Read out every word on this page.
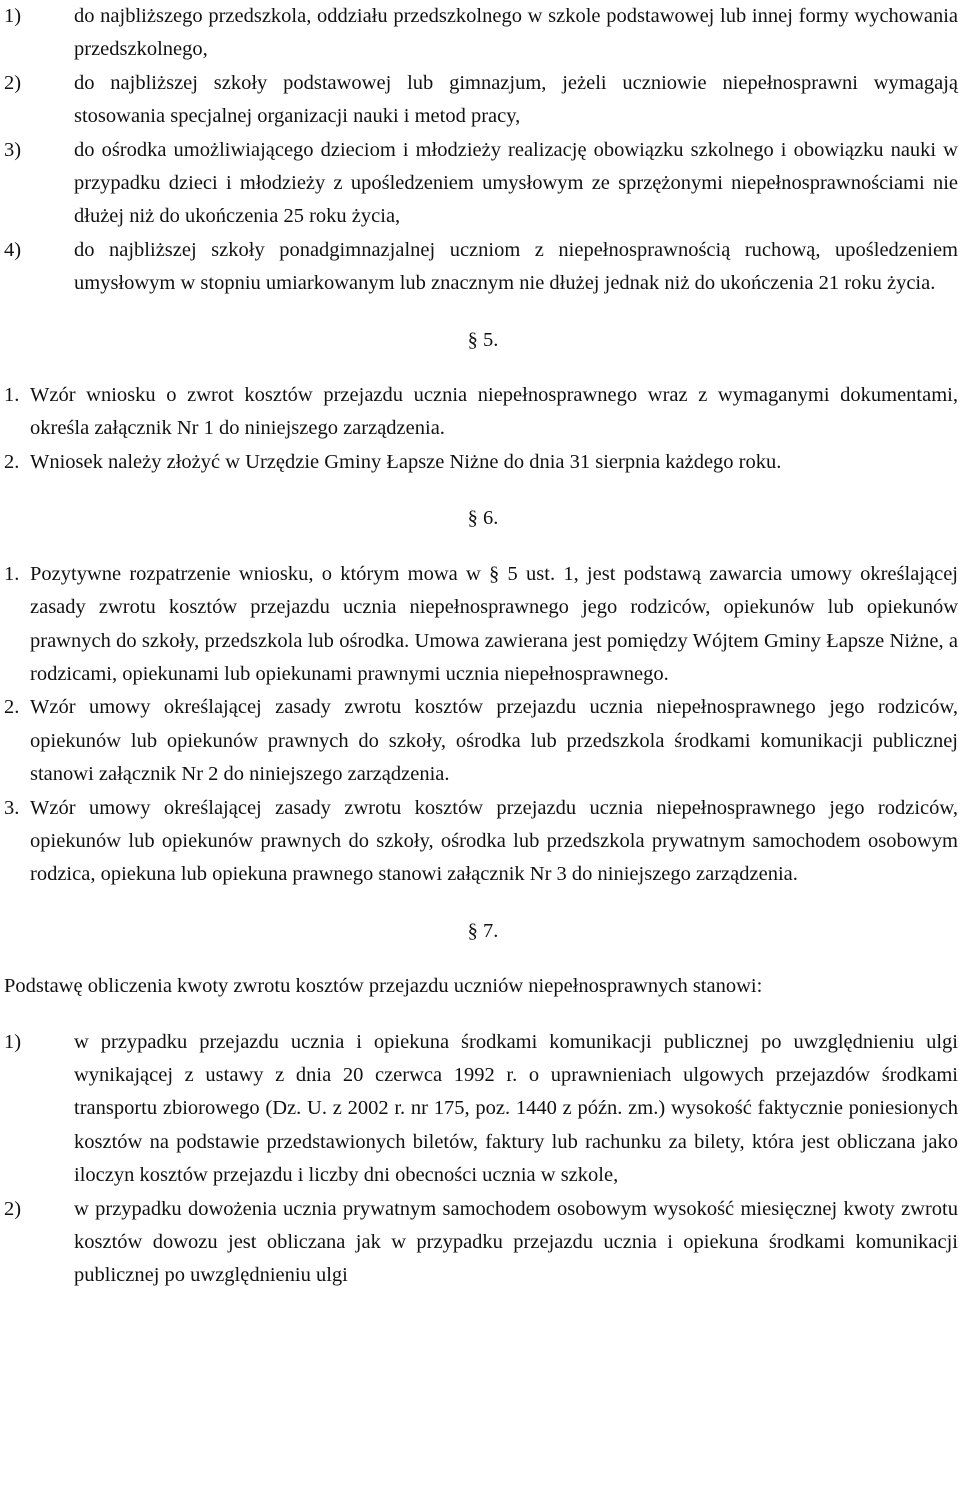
1)	do najbliższego przedszkola, oddziału przedszkolnego w szkole podstawowej lub innej formy wychowania przedszkolnego,
2)	do najbliższej szkoły podstawowej lub gimnazjum, jeżeli uczniowie niepełnosprawni wymagają stosowania specjalnej organizacji nauki i metod pracy,
3)	do ośrodka umożliwiającego dzieciom i młodzieży realizację obowiązku szkolnego i obowiązku nauki w przypadku dzieci i młodzieży z upośledzeniem umysłowym ze sprzężonymi niepełnosprawnościami nie dłużej niż do ukończenia 25 roku życia,
4)	do najbliższej szkoły ponadgimnazjalnej uczniom z niepełnosprawnością ruchową, upośledzeniem umysłowym w stopniu umiarkowanym lub znacznym nie dłużej jednak niż do ukończenia 21 roku życia.
§ 5.
1. Wzór wniosku o zwrot kosztów przejazdu ucznia niepełnosprawnego wraz z wymaganymi dokumentami, określa załącznik Nr 1 do niniejszego zarządzenia.
2. Wniosek należy złożyć w Urzędzie Gminy Łapsze Niżne do dnia 31 sierpnia każdego roku.
§ 6.
1. Pozytywne rozpatrzenie wniosku, o którym mowa w § 5 ust. 1, jest podstawą zawarcia umowy określającej zasady zwrotu kosztów przejazdu ucznia niepełnosprawnego jego rodziców, opiekunów lub opiekunów prawnych do szkoły, przedszkola lub ośrodka. Umowa zawierana jest pomiędzy Wójtem Gminy Łapsze Niżne, a rodzicami, opiekunami lub opiekunami prawnymi ucznia niepełnosprawnego.
2. Wzór umowy określającej zasady zwrotu kosztów przejazdu ucznia niepełnosprawnego jego rodziców, opiekunów lub opiekunów prawnych do szkoły, ośrodka lub przedszkola środkami komunikacji publicznej stanowi załącznik Nr 2 do niniejszego zarządzenia.
3. Wzór umowy określającej zasady zwrotu kosztów przejazdu ucznia niepełnosprawnego jego rodziców, opiekunów lub opiekunów prawnych do szkoły, ośrodka lub przedszkola prywatnym samochodem osobowym rodzica, opiekuna lub opiekuna prawnego stanowi załącznik Nr 3 do niniejszego zarządzenia.
§ 7.
Podstawę obliczenia kwoty zwrotu kosztów przejazdu uczniów niepełnosprawnych stanowi:
1)	w przypadku przejazdu ucznia i opiekuna środkami komunikacji publicznej po uwzględnieniu ulgi wynikającej z ustawy z dnia 20 czerwca 1992 r. o uprawnieniach ulgowych przejazdów środkami transportu zbiorowego (Dz. U. z 2002 r. nr 175, poz. 1440 z późn. zm.) wysokość faktycznie poniesionych kosztów na podstawie przedstawionych biletów, faktury lub rachunku za bilety, która jest obliczana jako iloczyn kosztów przejazdu i liczby dni obecności ucznia w szkole,
2)	w przypadku dowożenia ucznia prywatnym samochodem osobowym wysokość miesięcznej kwoty zwrotu kosztów dowozu jest obliczana jak w przypadku przejazdu ucznia i opiekuna środkami komunikacji publicznej po uwzględnieniu ulgi
